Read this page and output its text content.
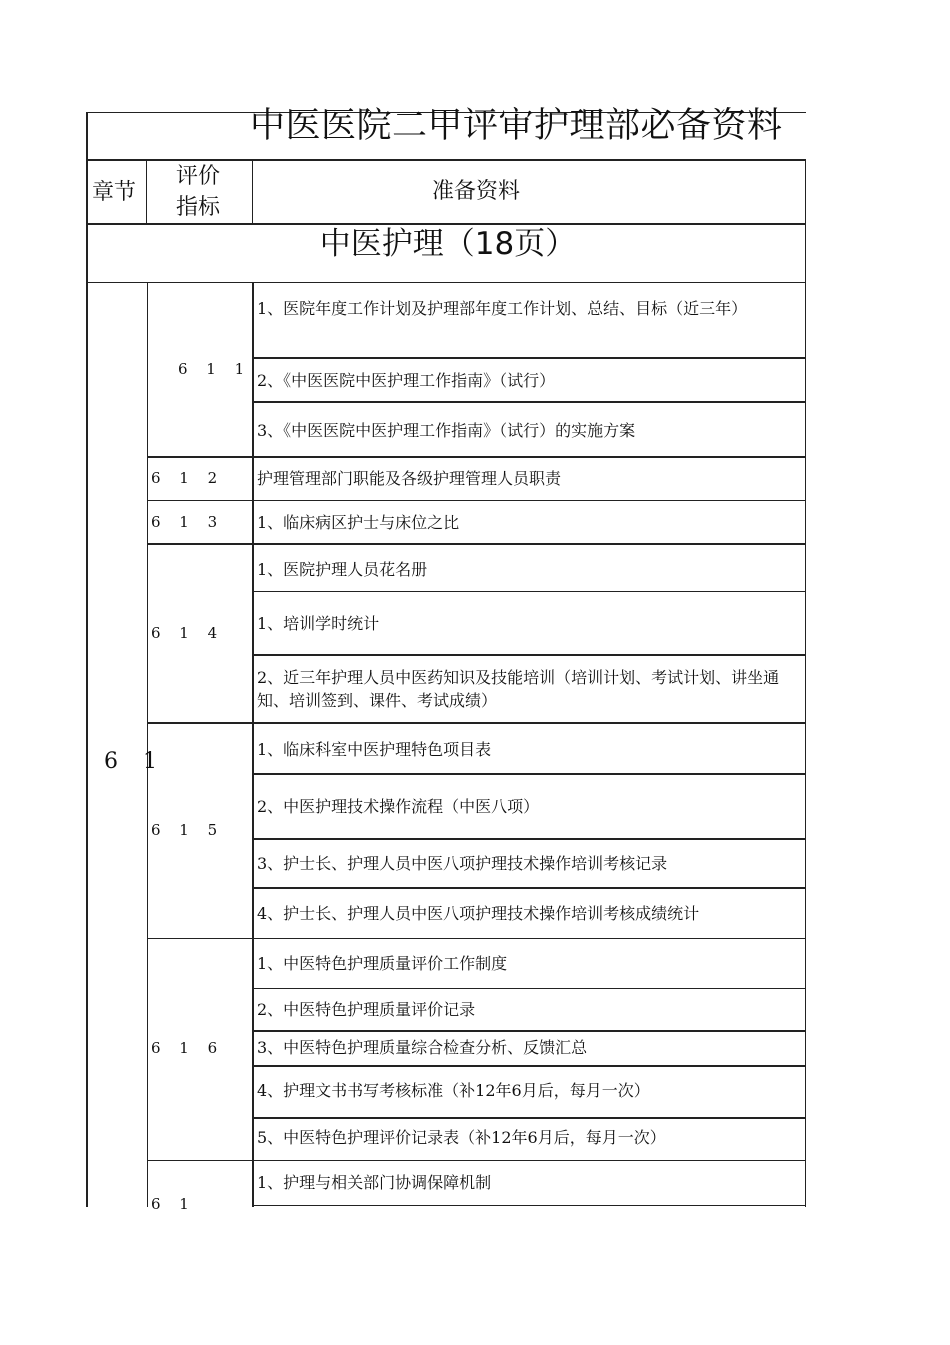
中医医院二甲评审护理部必备资料
章节
评价
指标
准备资料
中医护理（18页）
6 1
6 1 1
1、医院年度工作计划及护理部年度工作计划、总结、目标（近三年）
2、《中医医院中医护理工作指南》（试行）
3、《中医医院中医护理工作指南》（试行）的实施方案
6 1 2 护理管理部门职能及各级护理管理人员职责
6 1 3 1、临床病区护士与床位之比
6 1 4
1、医院护理人员花名册
1、培训学时统计
2、近三年护理人员中医药知识及技能培训（培训计划、考试计划、讲坐通知、培训签到、课件、考试成绩）
6 1 5
1、临床科室中医护理特色项目表
2、中医护理技术操作流程（中医八项）
3、护士长、护理人员中医八项护理技术操作培训考核记录
4、护士长、护理人员中医八项护理技术操作培训考核成绩统计
6 1 6
1、中医特色护理质量评价工作制度
2、中医特色护理质量评价记录
3、中医特色护理质量综合检查分析、反馈汇总
4、护理文书书写考核标准（补12年6月后，每月一次）
5、中医特色护理评价记录表（补12年6月后，每月一次）
6 1
1、护理与相关部门协调保障机制
